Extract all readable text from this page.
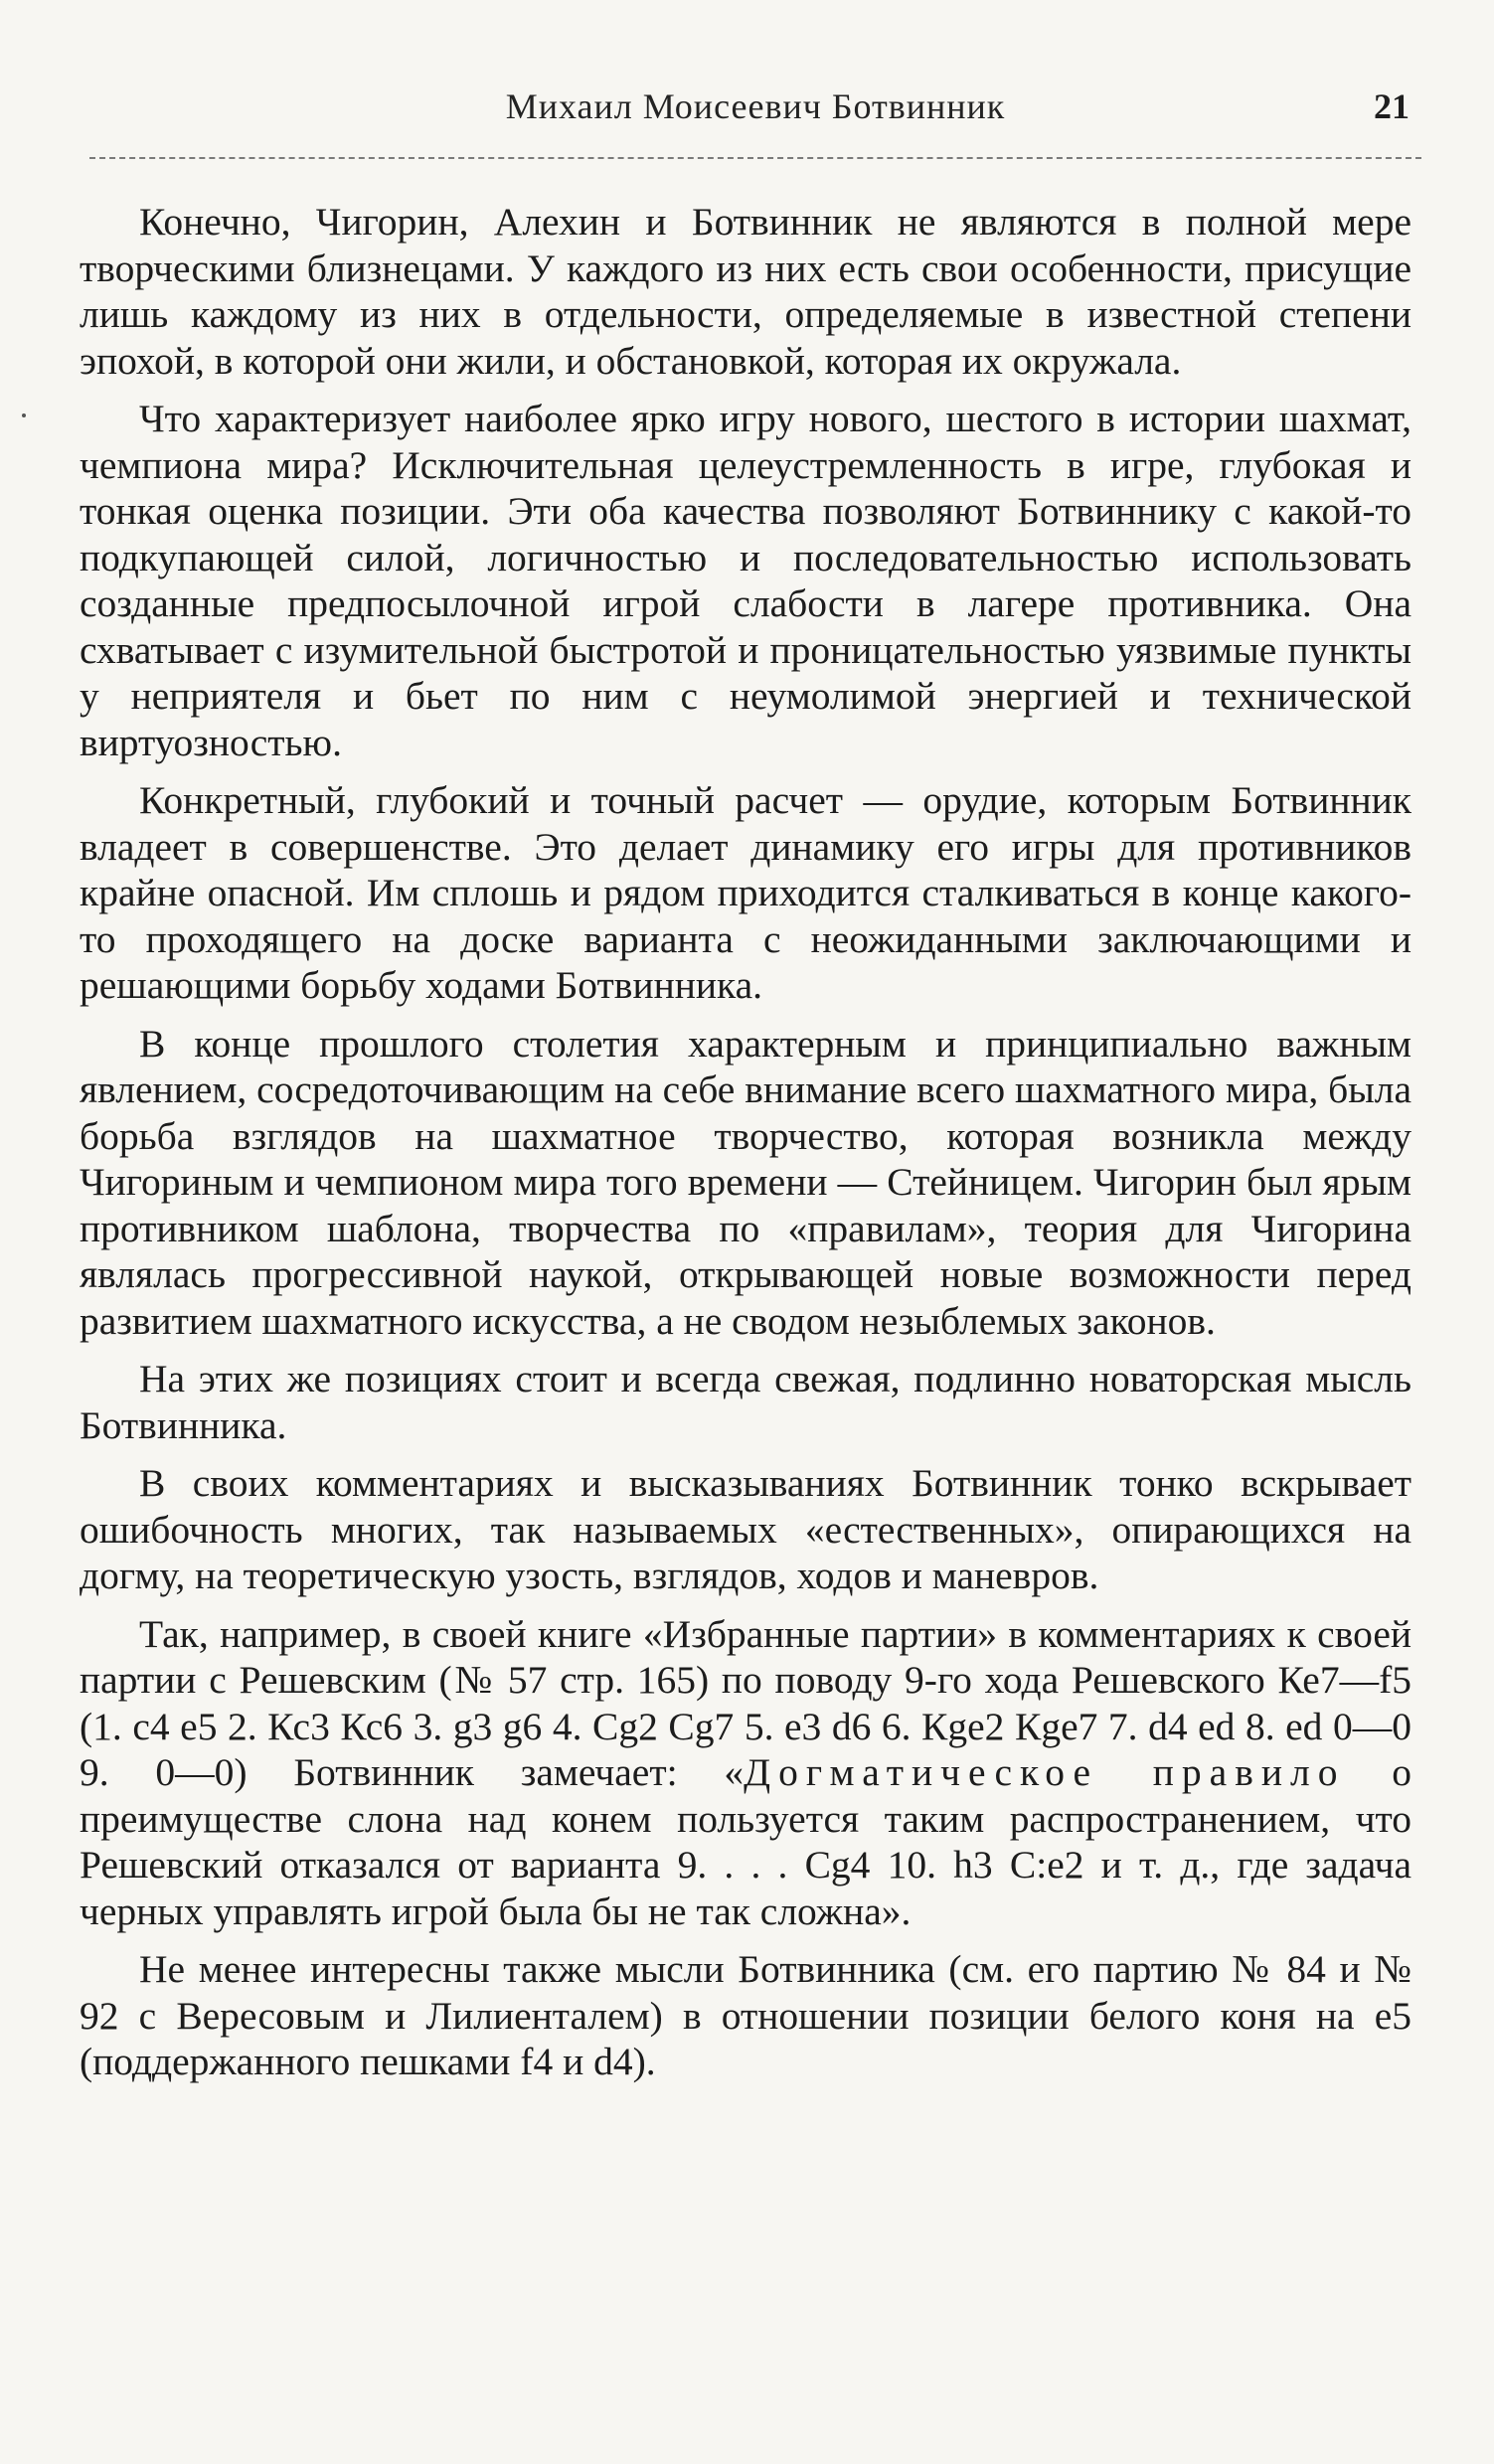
Михаил Моисеевич Ботвинник	21

Конечно, Чигорин, Алехин и Ботвинник не являются в полной мере творческими близнецами. У каждого из них есть свои особенности, присущие лишь каждому из них в отдельности, определяемые в известной степени эпохой, в которой они жили, и обстановкой, которая их окружала.

Что характеризует наиболее ярко игру нового, шестого в истории шахмат, чемпиона мира? Исключительная целеустремленность в игре, глубокая и тонкая оценка позиции. Эти оба качества позволяют Ботвиннику с какой-то подкупающей силой, логичностью и последовательностью использовать созданные предпосылочной игрой слабости в лагере противника. Она схватывает с изумительной быстротой и проницательностью уязвимые пункты у неприятеля и бьет по ним с неумолимой энергией и технической виртуозностью.

Конкретный, глубокий и точный расчет — орудие, которым Ботвинник владеет в совершенстве. Это делает динамику его игры для противников крайне опасной. Им сплошь и рядом приходится сталкиваться в конце какого-то проходящего на доске варианта с неожиданными заключающими и решающими борьбу ходами Ботвинника.

В конце прошлого столетия характерным и принципиально важным явлением, сосредоточивающим на себе внимание всего шахматного мира, была борьба взглядов на шахматное творчество, которая возникла между Чигориным и чемпионом мира того времени — Стейницем. Чигорин был ярым противником шаблона, творчества по «правилам», теория для Чигорина являлась прогрессивной наукой, открывающей новые возможности перед развитием шахматного искусства, а не сводом незыблемых законов.

На этих же позициях стоит и всегда свежая, подлинно новаторская мысль Ботвинника.

В своих комментариях и высказываниях Ботвинник тонко вскрывает ошибочность многих, так называемых «естественных», опирающихся на догму, на теоретическую узость, взглядов, ходов и маневров.

Так, например, в своей книге «Избранные партии» в комментариях к своей партии с Решевским (№ 57 стр. 165) по поводу 9-го хода Решевского Ке7—f5 (1. с4 е5 2. Кс3 Кс6 3. g3 g6 4. Cg2 Cg7 5. е3 d6 6. Кge2 Кge7 7. d4 ed 8. ed 0—0 9. 0—0) Ботвинник замечает: «Догматическое правило о преимуществе слона над конем пользуется таким распространением, что Решевский отказался от варианта 9. . . . Cg4 10. h3 C:e2 и т. д., где задача черных управлять игрой была бы не так сложна».

Не менее интересны также мысли Ботвинника (см. его партию № 84 и № 92 с Вересовым и Лилиенталем) в отношении позиции белого коня на е5 (поддержанного пешками f4 и d4).
